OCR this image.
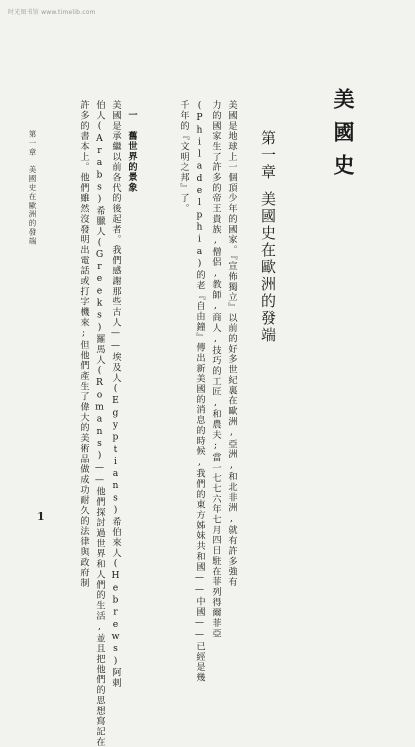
时光图书馆 www.timelib.com
美國史
第一章美國史在歐洲的發端
美國是地球上一個頂少年的國家。『宣佈獨立』以前的好多世紀裏在歐洲,亞洲,和北非洲,就有許多強有
力的國家生了許多的帝王貴族,僧侶,教師,商人,技巧的工匠,和農夫;當一七七六年七月四日駐在菲列得爾菲亞
(Philadelphia)的老『自由鐘』傳出新美國的消息的時候,我們的東方姊妹共和國——中國——已經是幾
千年的『文明之邦』了。
一　舊世界的景象
美國是承繼以前各代的後起者。我們感謝那些古人——埃及人(Egyptians)希伯來人(Hebrews)阿剌
伯人(Arabs)希臘人(Greeks)羅馬人(Romans)——他們探討過世界和人們的生活,並且把他們的思想寫記在
許多的書本上。他們雖然沒發明出電話或打字機來;但他們產生了偉大的美術品做成功耐久的法律與政府制
第一章　美國史在歐洲的發端
1
